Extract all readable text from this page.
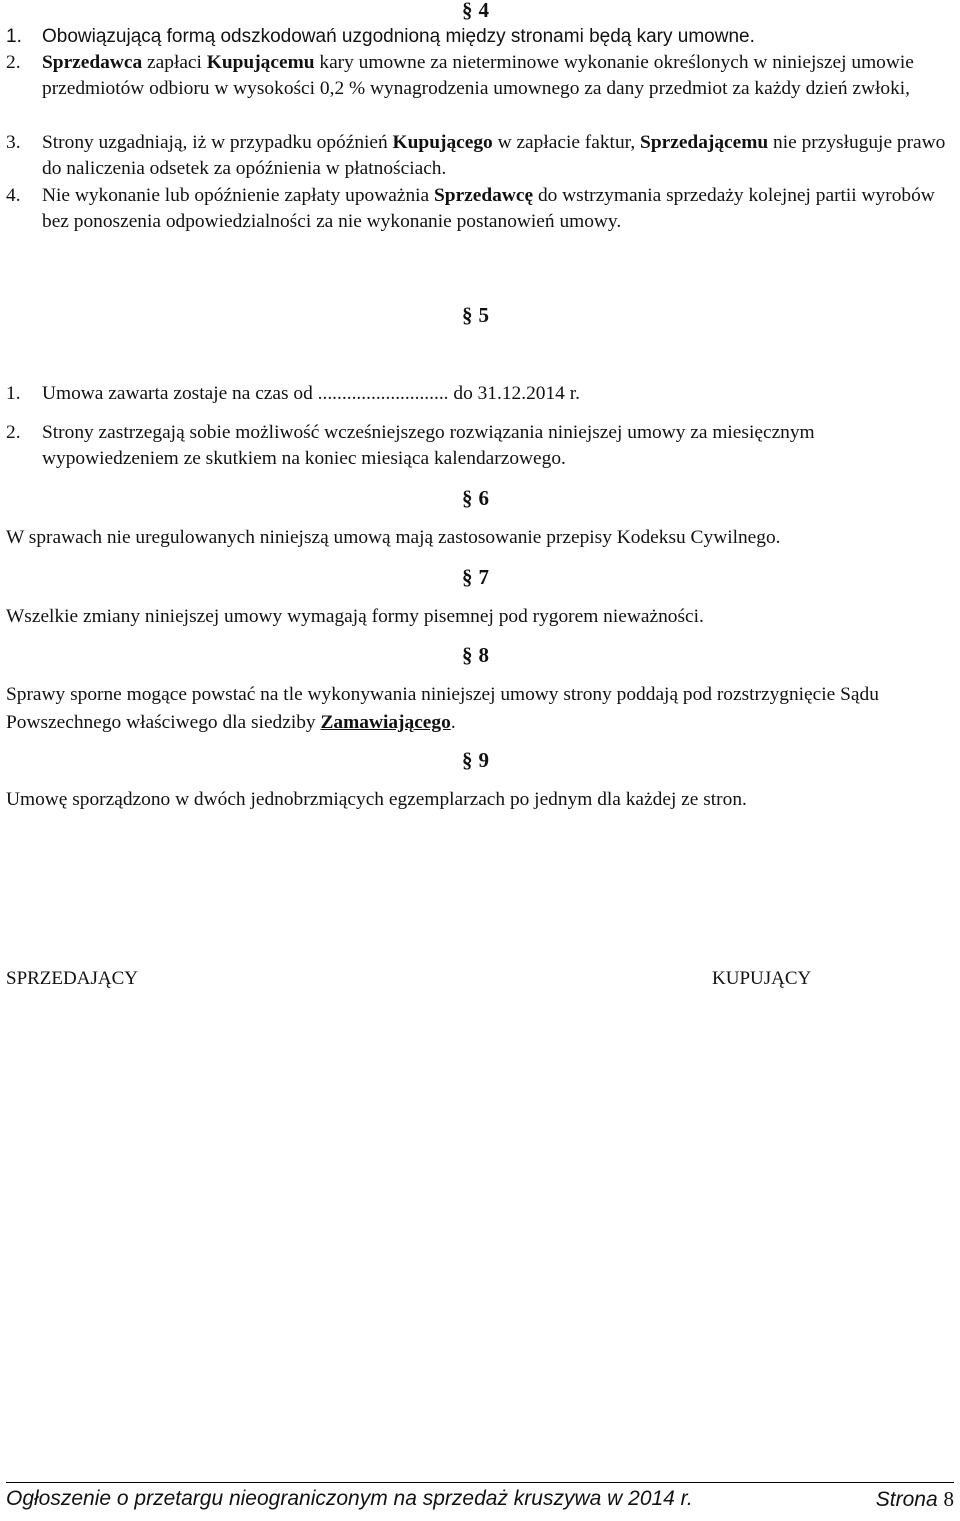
§ 4
1. Obowiązującą formą odszkodowań uzgodnioną między stronami będą kary umowne.
2. Sprzedawca zapłaci Kupującemu kary umowne za nieterminowe wykonanie określonych w niniejszej umowie przedmiotów odbioru w wysokości 0,2 % wynagrodzenia umownego za dany przedmiot za każdy dzień zwłoki,
3. Strony uzgadniają, iż w przypadku opóźnień Kupującego w zapłacie faktur, Sprzedającemu nie przysługuje prawo do naliczenia odsetek za opóźnienia w płatnościach.
4. Nie wykonanie lub opóźnienie zapłaty upoważnia Sprzedawcę do wstrzymania sprzedaży kolejnej partii wyrobów bez ponoszenia odpowiedzialności za nie wykonanie postanowień umowy.
§ 5
1. Umowa zawarta zostaje na czas od ........................... do 31.12.2014 r.
2. Strony zastrzegają sobie możliwość wcześniejszego rozwiązania niniejszej umowy za miesięcznym wypowiedzeniem ze skutkiem na koniec miesiąca kalendarzowego.
§ 6
W sprawach nie uregulowanych niniejszą umową mają zastosowanie przepisy Kodeksu Cywilnego.
§ 7
Wszelkie zmiany niniejszej umowy wymagają formy pisemnej pod rygorem nieważności.
§ 8
Sprawy sporne mogące powstać na tle wykonywania niniejszej umowy strony poddają pod rozstrzygnięcie Sądu Powszechnego właściwego dla siedziby Zamawiającego.
§ 9
Umowę sporządzono w dwóch jednobrzmiących egzemplarzach po jednym dla każdej ze stron.
SPRZEDAJĄCY	KUPUJĄCY
Ogłoszenie o przetargu nieograniczonym na sprzedaż kruszywa w 2014 r.	Strona 8
